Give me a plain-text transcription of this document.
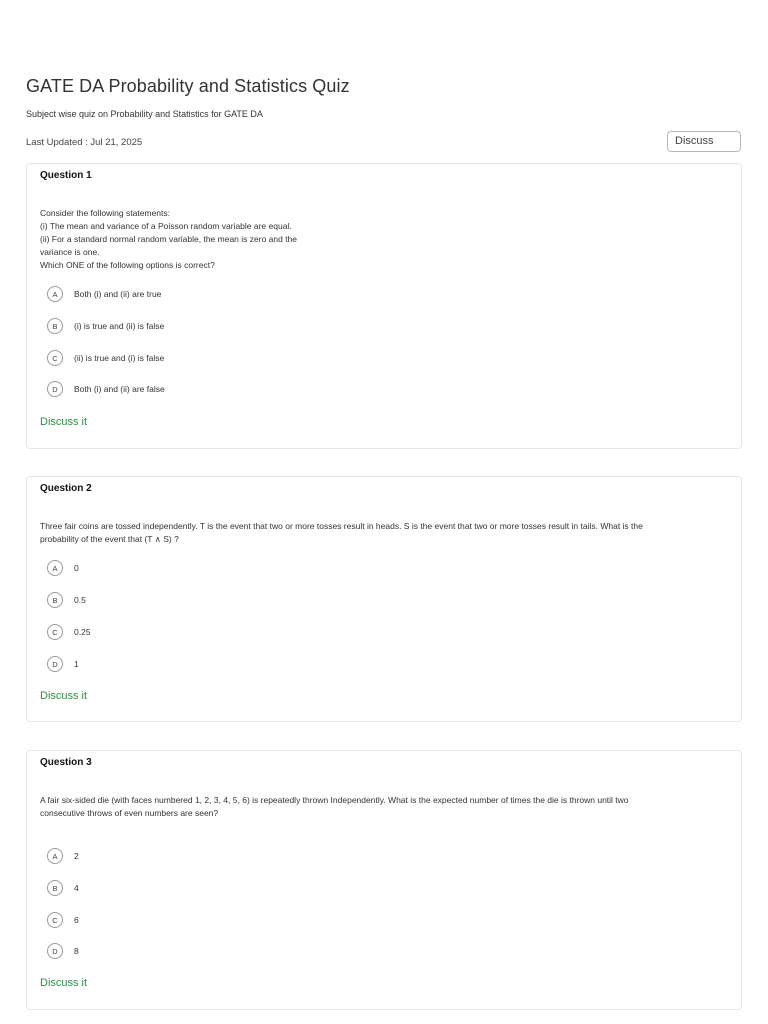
GATE DA Probability and Statistics Quiz
Subject wise quiz on Probability and Statistics for GATE DA
Last Updated : Jul 21, 2025	Discuss
Question 1
Consider the following statements:
(i) The mean and variance of a Poisson random variable are equal.
(ii) For a standard normal random variable, the mean is zero and the
variance is one.
Which ONE of the following options is correct?
A	Both (i) and (ii) are true
B	(i) is true and (ii) is false
C	(ii) is true and (i) is false
D	Both (i) and (ii) are false
Discuss it
Question 2
Three fair coins are tossed independently. T is the event that two or more tosses result in heads. S is the event that two or more tosses result in tails. What is the
probability of the event that (T ∧ S) ?
A	0
B	0.5
C	0.25
D	1
Discuss it
Question 3
A fair six-sided die (with faces numbered 1, 2, 3, 4, 5, 6) is repeatedly thrown Independently. What is the expected number of times the die is thrown until two
consecutive throws of even numbers are seen?
A	2
B	4
C	6
D	8
Discuss it
